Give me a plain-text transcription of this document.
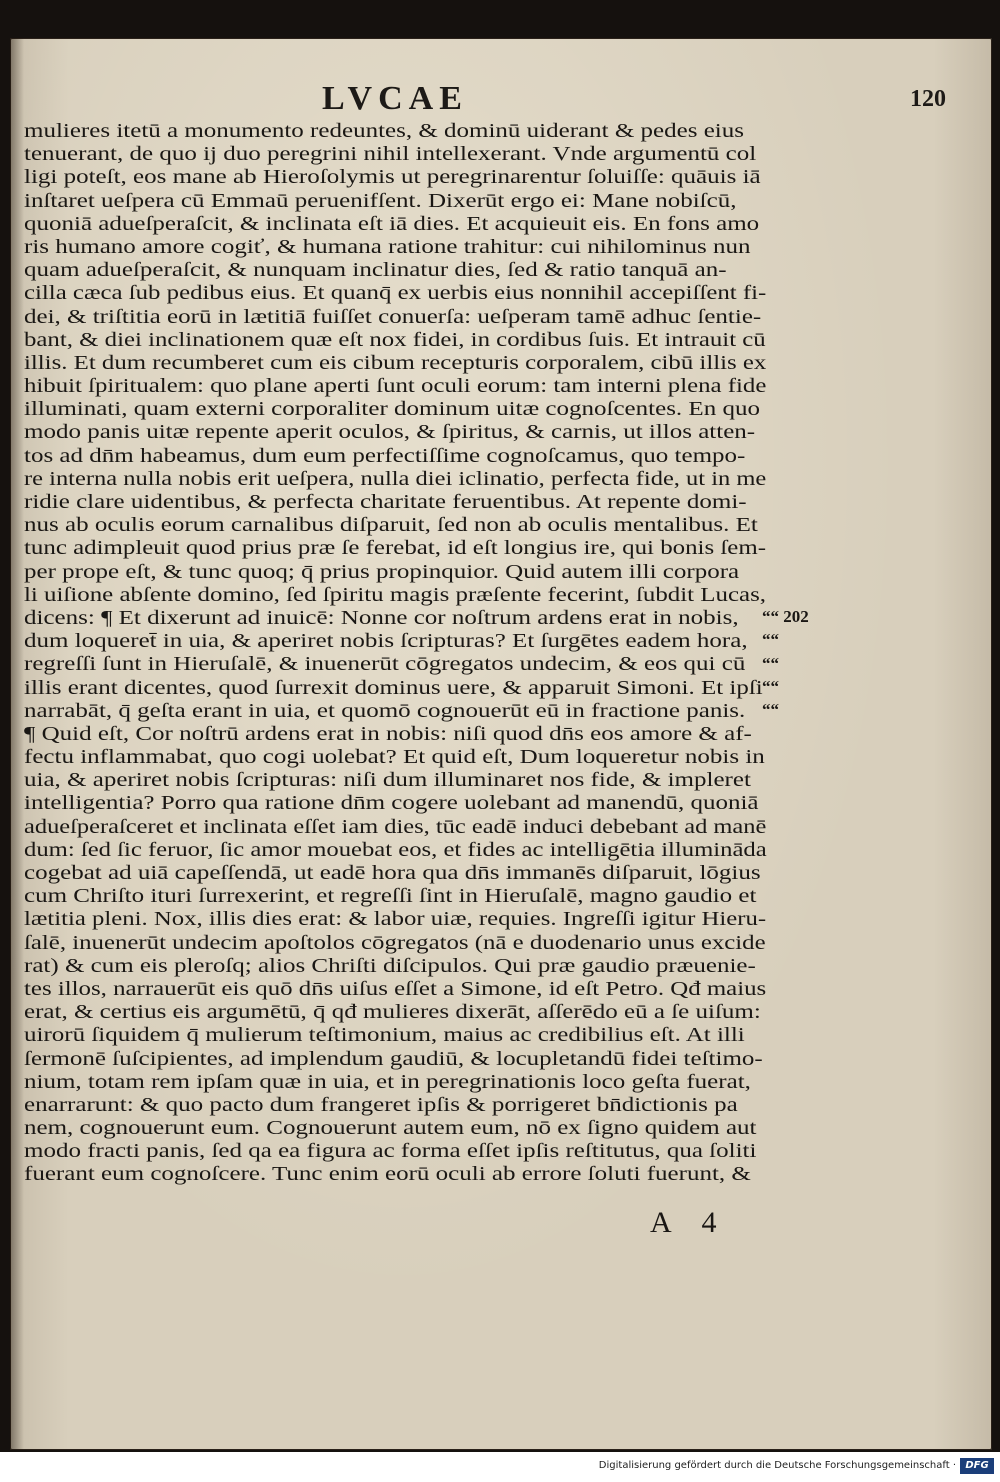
LVCAE	120
mulieres itetū a monumento redeuntes, & dominū uiderant & pedes eius
tenuerant, de quo ij duo peregrini nihil intellexerant. Vnde argumentū col
ligi poteſt, eos mane ab Hieroſolymis ut peregrinarentur ſoluiſſe: quāuis iā
inſtaret ueſpera cū Emmaū peruenifſent. Dixerūt ergo ei: Mane nobiſcū,
quoniā adueſperaſcit, & inclinata eſt iā dies. Et acquieuit eis. En fons amo
ris humano amore cogiť, & humana ratione trahitur: cui nihilominus nun
quam adueſperaſcit, & nunquam inclinatur dies, ſed & ratio tanquā an-
cilla cæca ſub pedibus eius. Et quanq̄ ex uerbis eius nonnihil accepiſſent fi-
dei, & triſtitia eorū in lætitiā fuiſſet conuerſa: ueſperam tamē adhuc ſentie-
bant, & diei inclinationem quæ eſt nox fidei, in cordibus ſuis. Et intrauit cū
illis. Et dum recumberet cum eis cibum recepturis corporalem, cibū illis ex
hibuit ſpiritualem: quo plane aperti ſunt oculi eorum: tam interni plena fide
illuminati, quam externi corporaliter dominum uitæ cognoſcentes. En quo
modo panis uitæ repente aperit oculos, & ſpiritus, & carnis, ut illos atten-
tos ad dn̄m habeamus, dum eum perfectiſſime cognoſcamus, quo tempo-
re interna nulla nobis erit ueſpera, nulla diei iclinatio, perfecta fide, ut in me
ridie clare uidentibus, & perfecta charitate feruentibus. At repente domi-
nus ab oculis eorum carnalibus diſparuit, ſed non ab oculis mentalibus. Et
tunc adimpleuit quod prius præ ſe ferebat, id eſt longius ire, qui bonis ſem-
per prope eſt, & tunc quoq; q̄ prius propinquior. Quid autem illi corpora
li uiſione abſente domino, ſed ſpiritu magis præſente fecerint, ſubdit Lucas,
dicens: ¶ Et dixerunt ad inuicē: Nonne cor noſtrum ardens erat in nobis,
dum loqueret̄ in uia, & aperiret nobis ſcripturas? Et ſurgētes eadem hora,
regreſſi ſunt in Hieruſalē, & inuenerūt cōgregatos undecim, & eos qui cū
illis erant dicentes, quod ſurrexit dominus uere, & apparuit Simoni. Et ipſi
narrabāt, q̄ geſta erant in uia, et quomō cognouerūt eū in fractione panis.
¶ Quid eſt, Cor noſtrū ardens erat in nobis: niſi quod dn̄s eos amore & af-
fectu inflammabat, quo cogi uolebat? Et quid eſt, Dum loqueretur nobis in
uia, & aperiret nobis ſcripturas: niſi dum illuminaret nos fide, & impleret
intelligentia? Porro qua ratione dn̄m cogere uolebant ad manendū, quoniā
adueſperaſceret et inclinata eſſet iam dies, tūc eadē induci debebant ad manē
dum: ſed ſic feruor, ſic amor mouebat eos, et fides ac intelligētia illumināda
cogebat ad uiā capeſſendā, ut eadē hora qua dn̄s immanēs diſparuit, lōgius
cum Chriſto ituri ſurrexerint, et regreſſi ſint in Hieruſalē, magno gaudio et
lætitia pleni. Nox, illis dies erat: & labor uiæ, requies. Ingreſſi igitur Hieru-
ſalē, inuenerūt undecim apoſtolos cōgregatos (nā e duodenario unus excide
rat) & cum eis pleroſq; alios Chriſti diſcipulos. Qui præ gaudio præuenie-
tes illos, narrauerūt eis quō dn̄s uiſus eſſet a Simone, id eſt Petro. Qđ maius
erat, & certius eis argumētū, q̄ qđ mulieres dixerāt, aſſerēdo eū a ſe uiſum:
uirorū ſiquidem q̄ mulierum teſtimonium, maius ac credibilius eſt. At illi
ſermonē ſuſcipientes, ad implendum gaudiū, & locupletandū fidei teſtimo-
nium, totam rem ipſam quæ in uia, et in peregrinationis loco geſta fuerat,
enarrarunt: & quo pacto dum frangeret ipſis & porrigeret bn̄dictionis pa
nem, cognouerunt eum. Cognouerunt autem eum, nō ex ſigno quidem aut
modo fracti panis, ſed qa ea figura ac forma eſſet ipſis reſtitutus, qua ſoliti
fuerant eum cognoſcere. Tunc enim eorū oculi ab errore ſoluti fuerunt, &
““ 202
““
““
““
““
A 4
Digitalisierung gefördert durch die Deutsche Forschungsgemeinschaft · DFG
